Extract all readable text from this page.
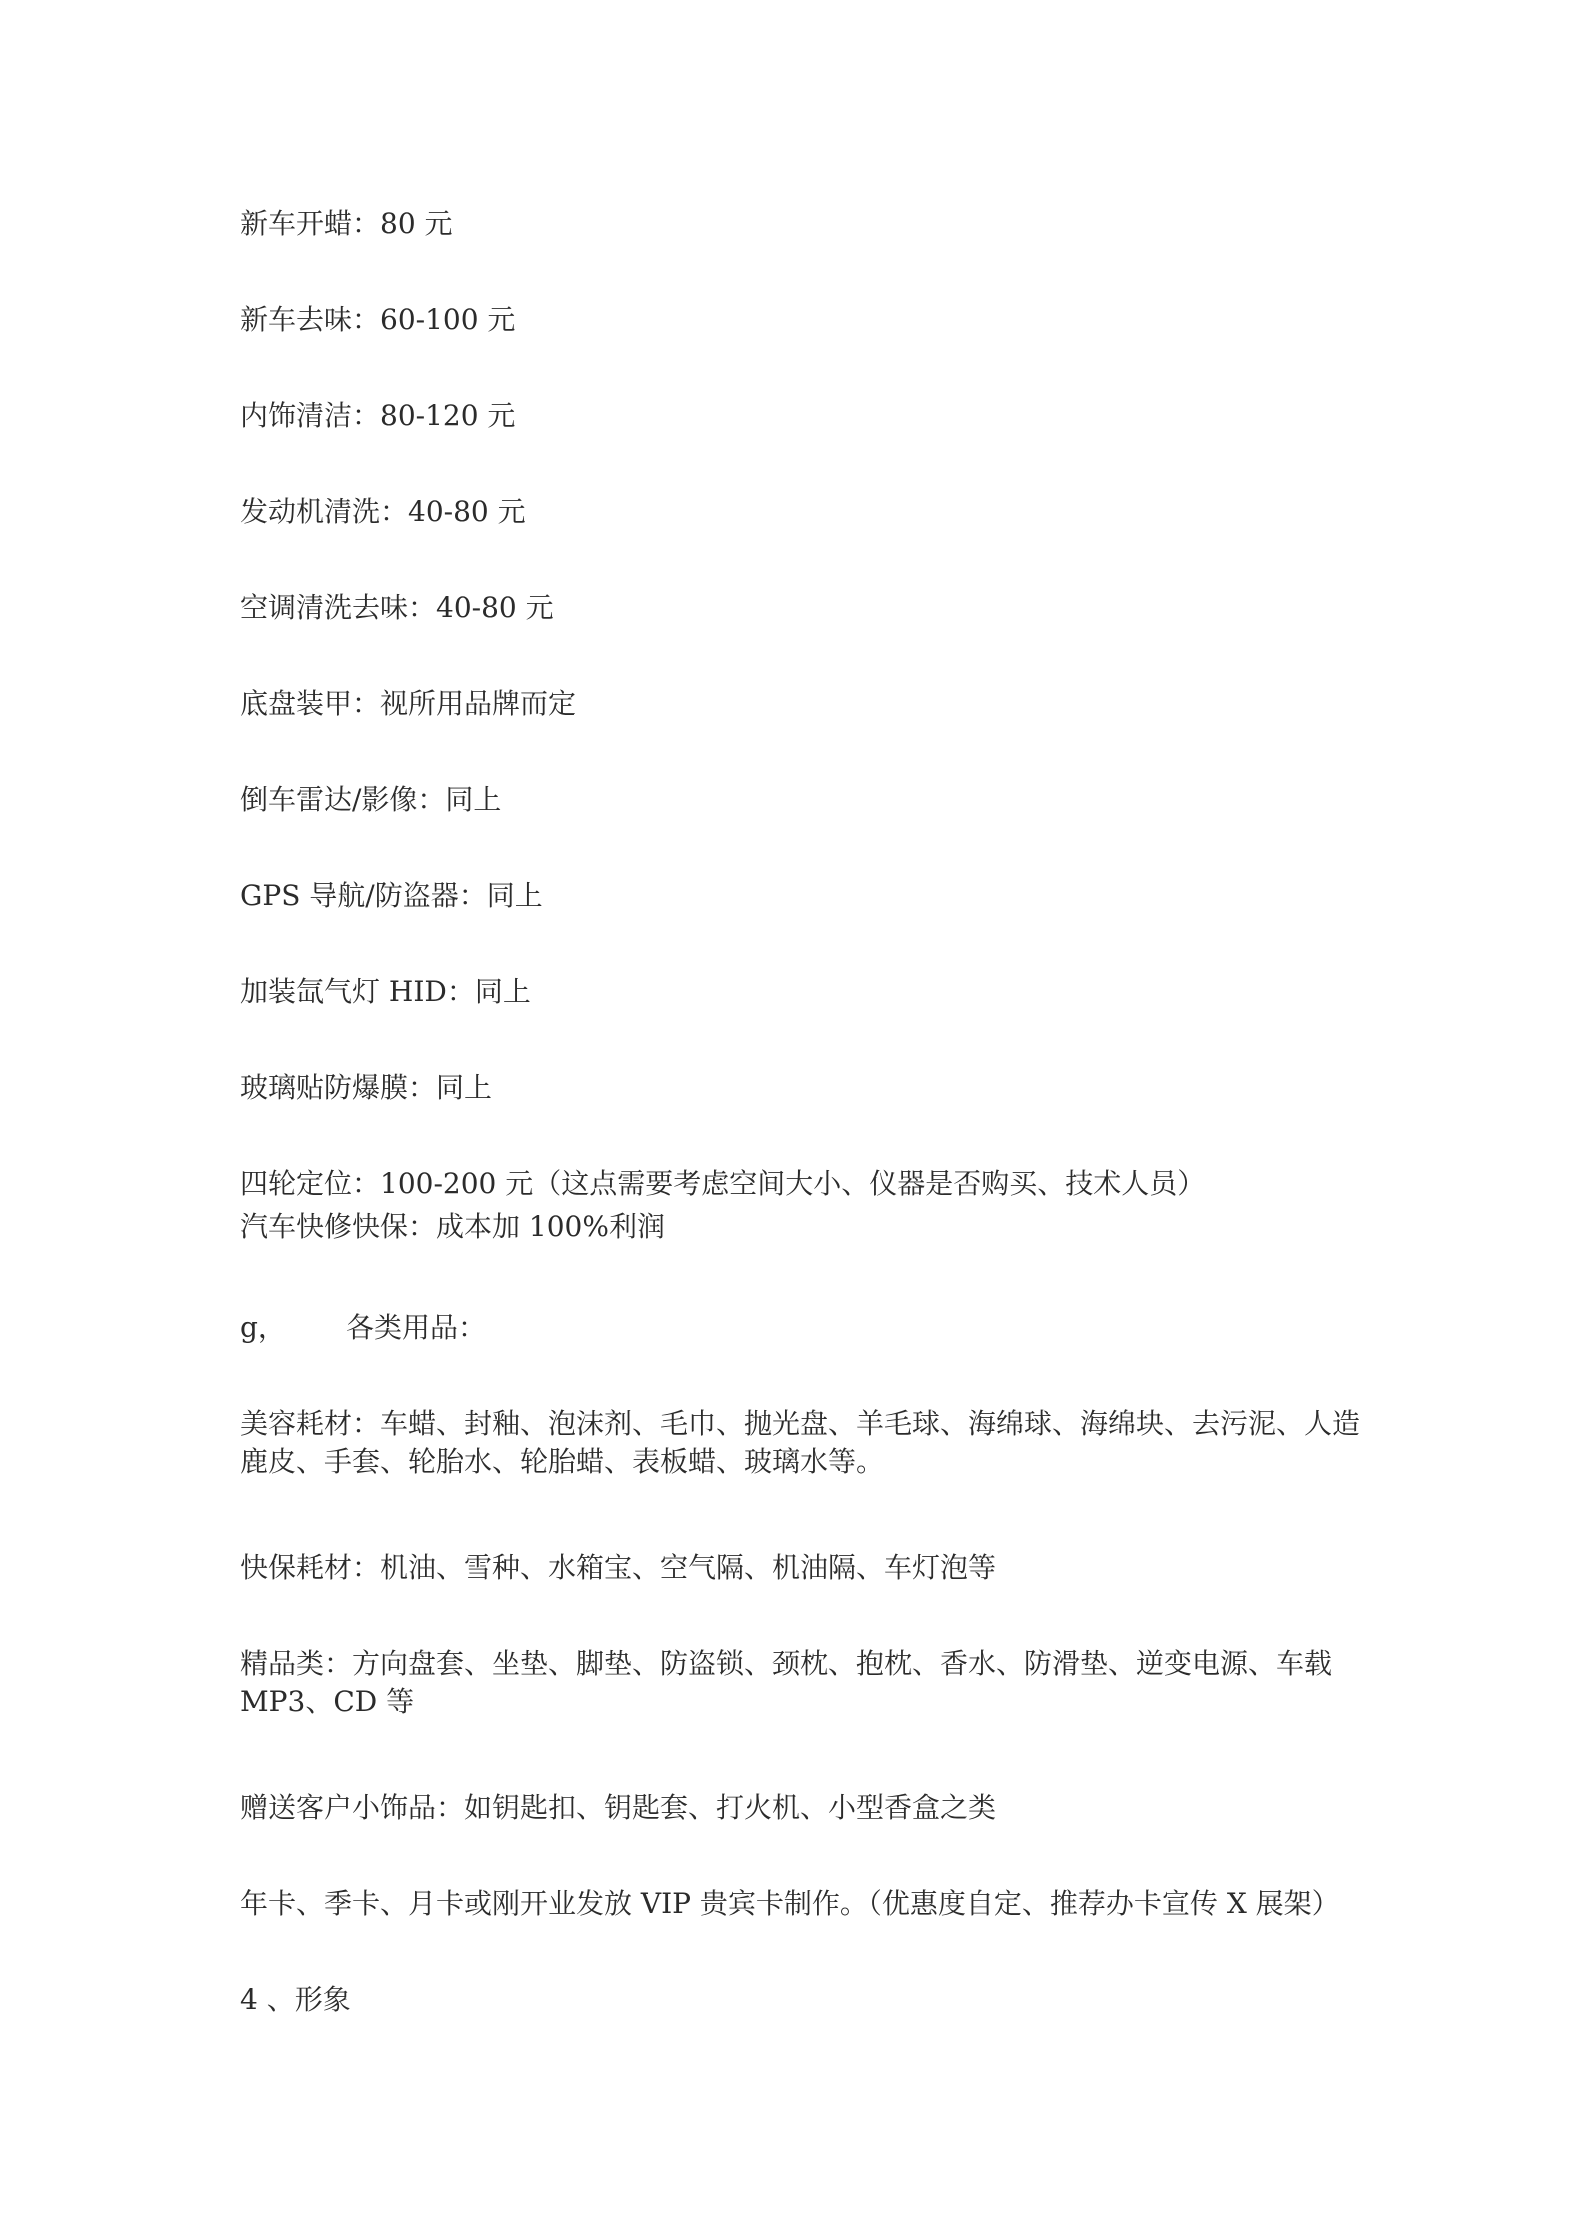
新车开蜡：80 元

新车去味：60-100 元

内饰清洁：80-120 元

发动机清洗：40-80 元

空调清洗去味：40-80 元

底盘装甲：视所用品牌而定

倒车雷达/影像：同上

GPS 导航/防盗器：同上

加装氙气灯 HID：同上

玻璃贴防爆膜：同上

四轮定位：100-200 元（这点需要考虑空间大小、仪器是否购买、技术人员）

汽车快修快保：成本加 100%利润

g， 各类用品：

美容耗材：车蜡、封釉、泡沫剂、毛巾、抛光盘、羊毛球、海绵球、海绵块、去污泥、人造鹿皮、手套、轮胎水、轮胎蜡、表板蜡、玻璃水等。

快保耗材：机油、雪种、水箱宝、空气隔、机油隔、车灯泡等

精品类：方向盘套、坐垫、脚垫、防盗锁、颈枕、抱枕、香水、防滑垫、逆变电源、车载 MP3、CD 等

赠送客户小饰品：如钥匙扣、钥匙套、打火机、小型香盒之类

年卡、季卡、月卡或刚开业发放 VIP 贵宾卡制作。（优惠度自定、推荐办卡宣传 X 展架）

4 、形象
